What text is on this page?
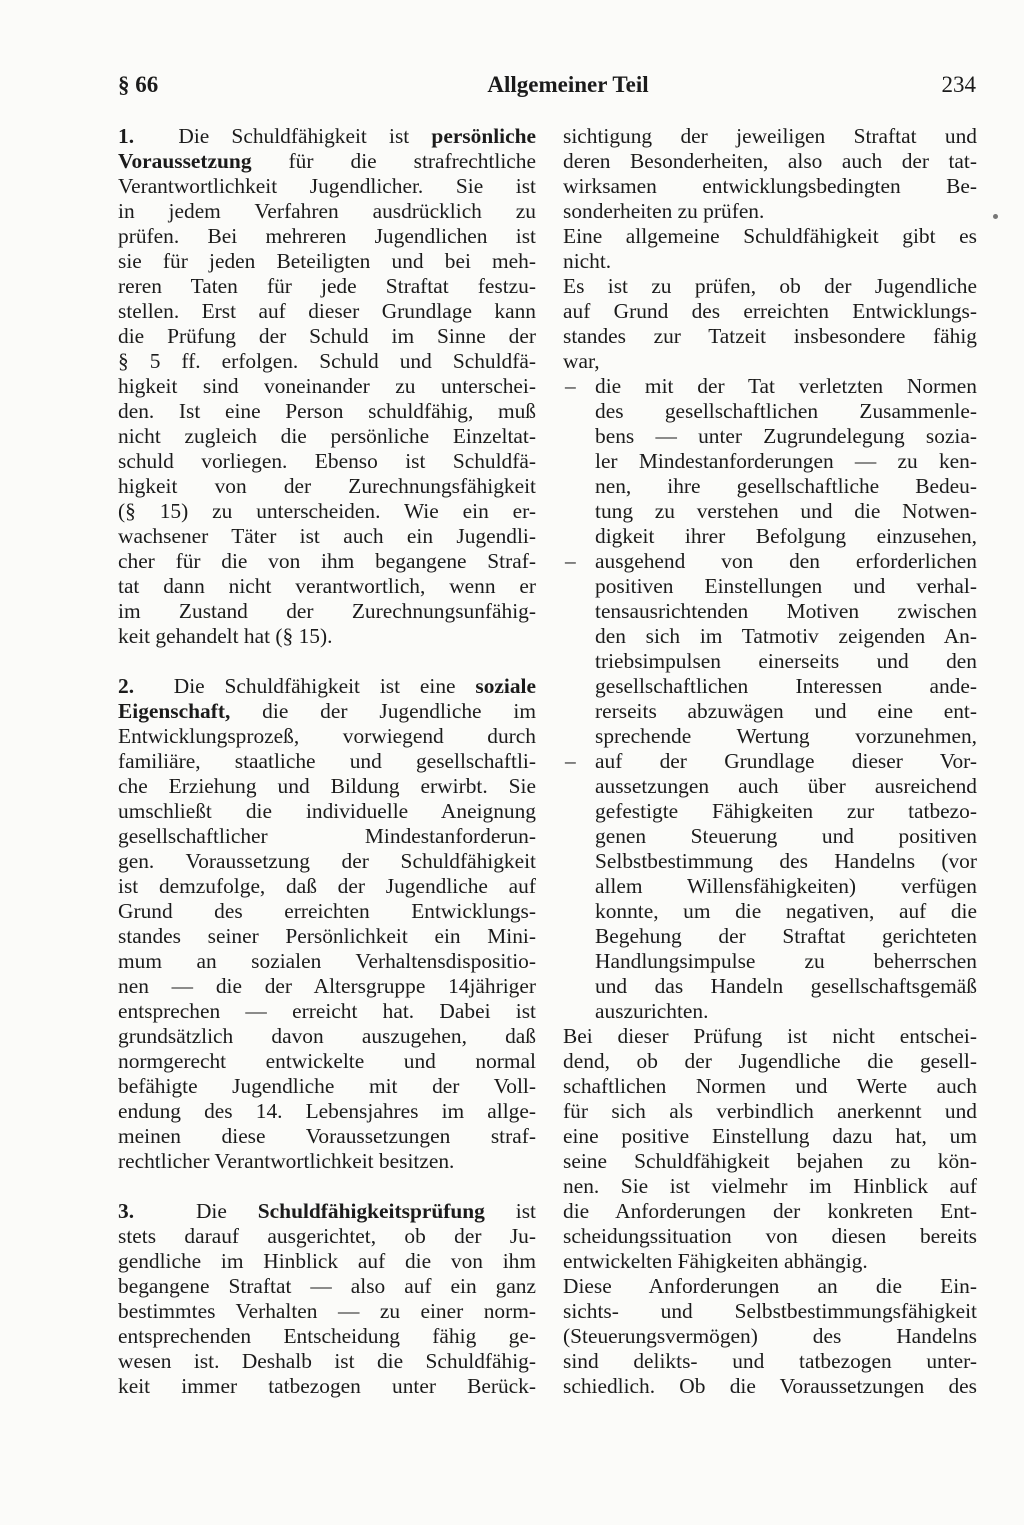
§ 66	Allgemeiner Teil	234
1.  Die Schuldfähigkeit ist persönliche
Voraussetzung für die strafrechtliche
Verantwortlichkeit Jugendlicher. Sie ist
in jedem Verfahren ausdrücklich zu
prüfen. Bei mehreren Jugendlichen ist
sie für jeden Beteiligten und bei meh-
reren Taten für jede Straftat festzu-
stellen. Erst auf dieser Grundlage kann
die Prüfung der Schuld im Sinne der
§ 5 ff. erfolgen. Schuld und Schuldfä-
higkeit sind voneinander zu unterschei-
den. Ist eine Person schuldfähig, muß
nicht zugleich die persönliche Einzeltat-
schuld vorliegen. Ebenso ist Schuldfä-
higkeit von der Zurechnungsfähigkeit
(§ 15) zu unterscheiden. Wie ein er-
wachsener Täter ist auch ein Jugendli-
cher für die von ihm begangene Straf-
tat dann nicht verantwortlich, wenn er
im Zustand der Zurechnungsunfähig-
keit gehandelt hat (§ 15).
2.  Die Schuldfähigkeit ist eine soziale
Eigenschaft, die der Jugendliche im
Entwicklungsprozeß, vorwiegend durch
familiäre, staatliche und gesellschaftli-
che Erziehung und Bildung erwirbt. Sie
umschließt die individuelle Aneignung
gesellschaftlicher Mindestanforderun-
gen. Voraussetzung der Schuldfähigkeit
ist demzufolge, daß der Jugendliche auf
Grund des erreichten Entwicklungs-
standes seiner Persönlichkeit ein Mini-
mum an sozialen Verhaltensdispositio-
nen — die der Altersgruppe 14jähriger
entsprechen — erreicht hat. Dabei ist
grundsätzlich davon auszugehen, daß
normgerecht entwickelte und normal
befähigte Jugendliche mit der Voll-
endung des 14. Lebensjahres im allge-
meinen diese Voraussetzungen straf-
rechtlicher Verantwortlichkeit besitzen.
3.  Die Schuldfähigkeitsprüfung ist
stets darauf ausgerichtet, ob der Ju-
gendliche im Hinblick auf die von ihm
begangene Straftat — also auf ein ganz
bestimmtes Verhalten — zu einer norm-
entsprechenden Entscheidung fähig ge-
wesen ist. Deshalb ist die Schuldfähig-
keit immer tatbezogen unter Berück-
sichtigung der jeweiligen Straftat und
deren Besonderheiten, also auch der tat-
wirksamen entwicklungsbedingten Be-
sonderheiten zu prüfen.
Eine allgemeine Schuldfähigkeit gibt es
nicht.
Es ist zu prüfen, ob der Jugendliche
auf Grund des erreichten Entwicklungs-
standes zur Tatzeit insbesondere fähig
war,
– die mit der Tat verletzten Normen
des gesellschaftlichen Zusammenle-
bens — unter Zugrundelegung sozia-
ler Mindestanforderungen — zu ken-
nen, ihre gesellschaftliche Bedeu-
tung zu verstehen und die Notwen-
digkeit ihrer Befolgung einzusehen,
– ausgehend von den erforderlichen
positiven Einstellungen und verhal-
tensausrichtenden Motiven zwischen
den sich im Tatmotiv zeigenden An-
triebsimpulsen einerseits und den
gesellschaftlichen Interessen ande-
rerseits abzuwägen und eine ent-
sprechende Wertung vorzunehmen,
– auf der Grundlage dieser Vor-
aussetzungen auch über ausreichend
gefestigte Fähigkeiten zur tatbezo-
genen Steuerung und positiven
Selbstbestimmung des Handelns (vor
allem Willensfähigkeiten) verfügen
konnte, um die negativen, auf die
Begehung der Straftat gerichteten
Handlungsimpulse zu beherrschen
und das Handeln gesellschaftsgemäß
auszurichten.
Bei dieser Prüfung ist nicht entschei-
dend, ob der Jugendliche die gesell-
schaftlichen Normen und Werte auch
für sich als verbindlich anerkennt und
eine positive Einstellung dazu hat, um
seine Schuldfähigkeit bejahen zu kön-
nen. Sie ist vielmehr im Hinblick auf
die Anforderungen der konkreten Ent-
scheidungssituation von diesen bereits
entwickelten Fähigkeiten abhängig.
Diese Anforderungen an die Ein-
sichts- und Selbstbestimmungsfähigkeit
(Steuerungsvermögen) des Handelns
sind delikts- und tatbezogen unter-
schiedlich. Ob die Voraussetzungen des
